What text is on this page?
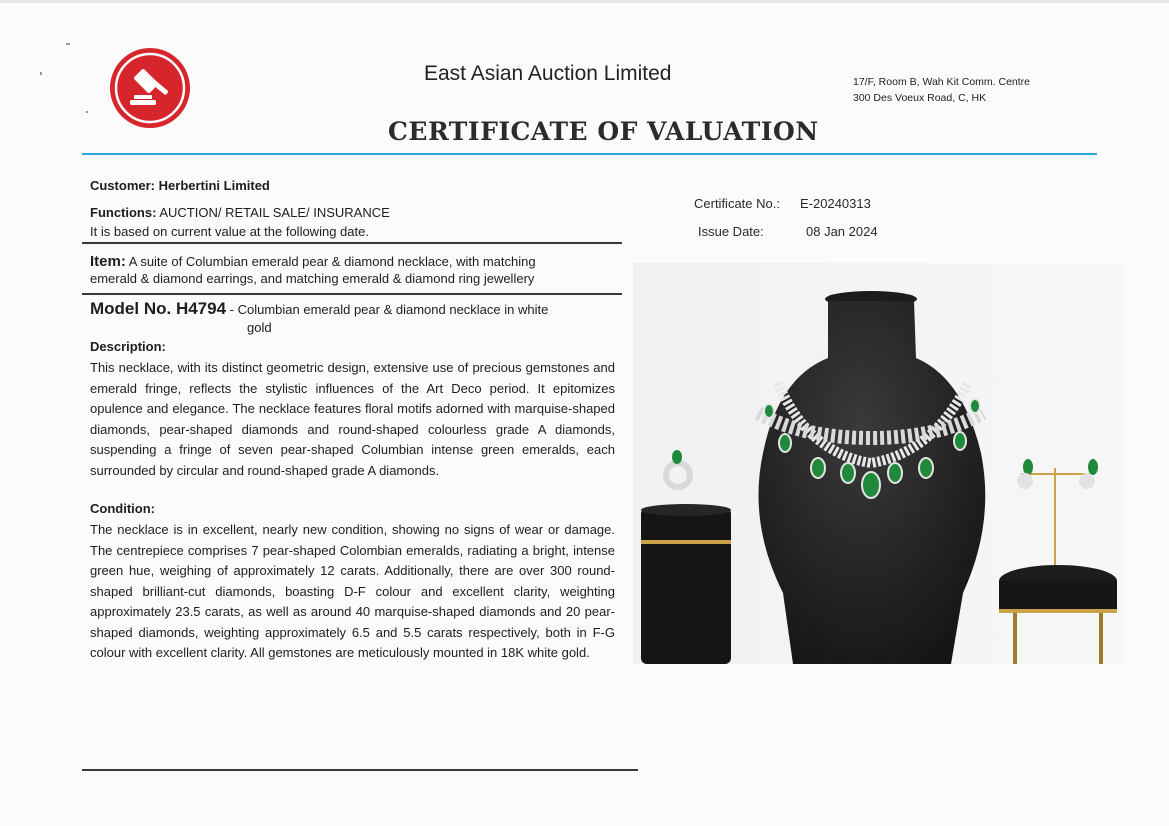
East Asian Auction Limited	17/F, Room B, Wah Kit Comm. Centre
300 Des Voeux Road, C, HK
CERTIFICATE OF VALUATION
Customer: Herbertini Limited
Functions: AUCTION/ RETAIL SALE/ INSURANCE
It is based on current value at the following date.
Certificate No.: E-20240313
Issue Date:	08 Jan 2024
Item: A suite of Columbian emerald pear & diamond necklace, with matching
emerald & diamond earrings, and matching emerald & diamond ring jewellery
Model No. H4794 - Columbian emerald pear & diamond necklace in white
gold
Description:
This necklace, with its distinct geometric design, extensive use of precious gemstones and emerald fringe, reflects the stylistic influences of the Art Deco period. It epitomizes opulence and elegance. The necklace features floral motifs adorned with marquise-shaped diamonds, pear-shaped diamonds and round-shaped colourless grade A diamonds, suspending a fringe of seven pear-shaped Columbian intense green emeralds, each surrounded by circular and round-shaped grade A diamonds.
Condition:
The necklace is in excellent, nearly new condition, showing no signs of wear or damage. The centrepiece comprises 7 pear-shaped Colombian emeralds, radiating a bright, intense green hue, weighing of approximately 12 carats. Additionally, there are over 300 round-shaped brilliant-cut diamonds, boasting D-F colour and excellent clarity, weighting approximately 23.5 carats, as well as around 40 marquise-shaped diamonds and 20 pear-shaped diamonds, weighting approximately 6.5 and 5.5 carats respectively, both in F-G colour with excellent clarity. All gemstones are meticulously mounted in 18K white gold.
